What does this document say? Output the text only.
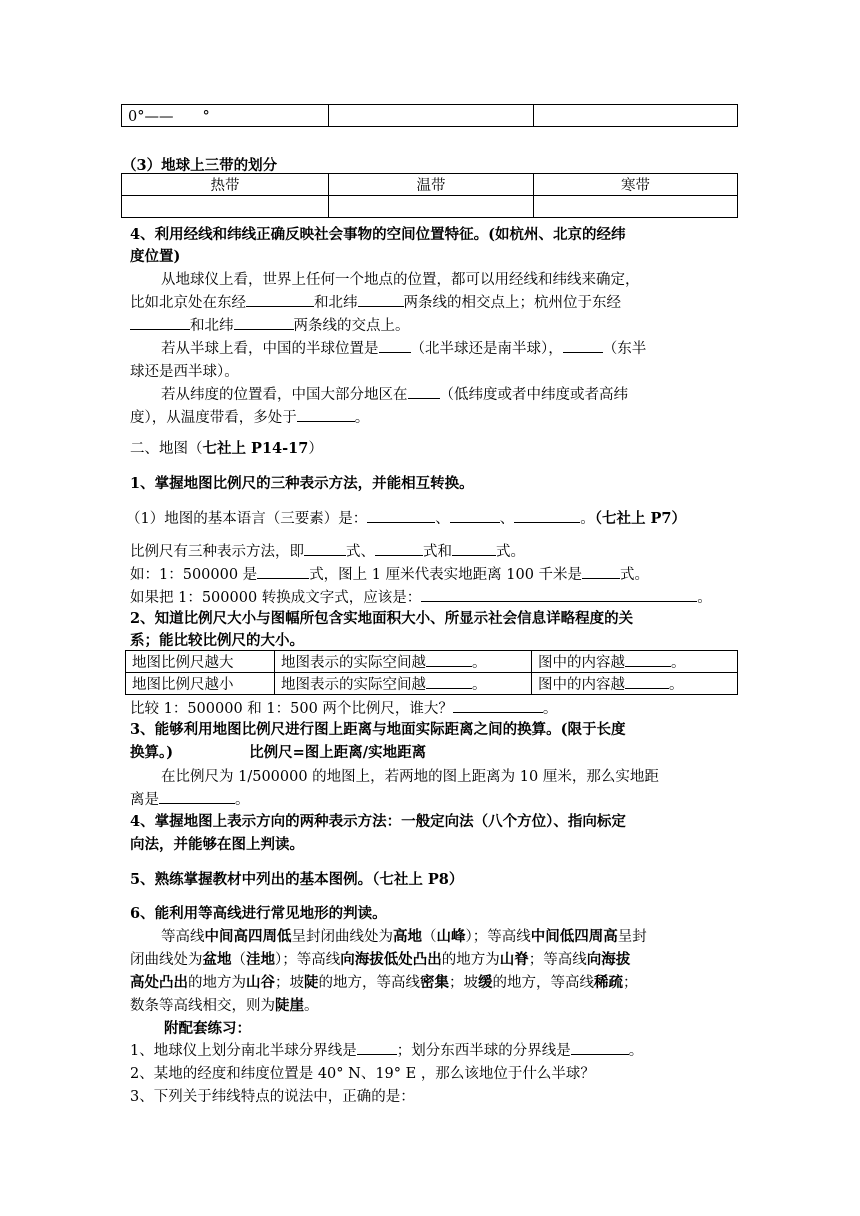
0°——　　°		
（3）地球上三带的划分
热带	温带	寒带

4、利用经线和纬线正确反映社会事物的空间位置特征。(如杭州、北京的经纬
度位置)
从地球仪上看，世界上任何一个地点的位置，都可以用经线和纬线来确定，
比如北京处在东经	和北纬	两条线的相交点上；杭州位于东经
和北纬	两条线的交点上。
若从半球上看，中国的半球位置是 （北半球还是南半球），	（东半
球还是西半球）。
若从纬度的位置看，中国大部分地区在 （低纬度或者中纬度或者高纬
度），从温度带看，多处于	。
二、地图（七社上 P14-17）
1、掌握地图比例尺的三种表示方法，并能相互转换。
（1）地图的基本语言（三要素）是：	、	、	。（七社上 P7）
比例尺有三种表示方法，即	式、	式和	式。
如：1：500000 是	式，图上 1 厘米代表实地距离 100 千米是	式。
如果把 1：500000 转换成文字式，应该是：	。
2、知道比例尺大小与图幅所包含实地面积大小、所显示社会信息详略程度的关
系；能比较比例尺的大小。
地图比例尺越大	地图表示的实际空间越 。	图中的内容越 。
地图比例尺越小	地图表示的实际空间越 。	图中的内容越 。
比较 1：500000 和 1：500 两个比例尺，谁大？	。
3、能够利用地图比例尺进行图上距离与地面实际距离之间的换算。(限于长度
换算。)	比例尺=图上距离/实地距离
在比例尺为 1/500000 的地图上，若两地的图上距离为 10 厘米，那么实地距
离是	。
4、掌握地图上表示方向的两种表示方法：一般定向法（八个方位）、指向标定
向法，并能够在图上判读。
5、熟练掌握教材中列出的基本图例。（七社上 P8）
6、能利用等高线进行常见地形的判读。
等高线中间高四周低呈封闭曲线处为高地（山峰）；等高线中间低四周高呈封
闭曲线处为盆地（洼地）；等高线向海拔低处凸出的地方为山脊；等高线向海拔
高处凸出的地方为山谷；坡陡的地方，等高线密集；坡缓的地方，等高线稀疏；
数条等高线相交，则为陡崖。
附配套练习：
1、地球仪上划分南北半球分界线是	；划分东西半球的分界线是	。
2、某地的经度和纬度位置是 40° N、19° E ，那么该地位于什么半球？
3、下列关于纬线特点的说法中，正确的是：
